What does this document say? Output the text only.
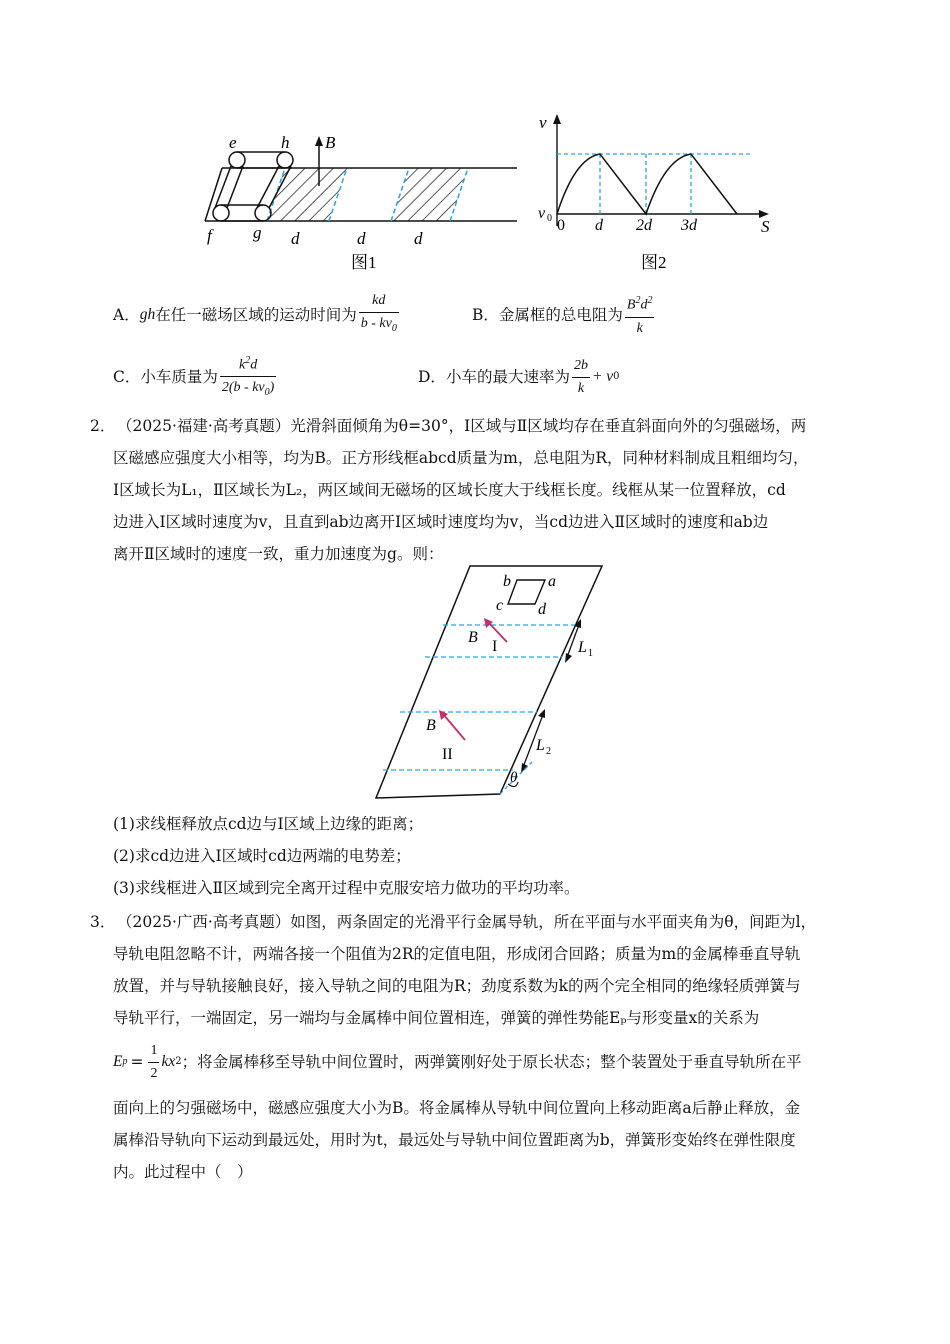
B
e	h
f g d	d	d
v
S
v 0 0 d 2d 3d
图1	图2
A． gh 在任一磁场区域的运动时间为
kd
b - $kv_0$
B． 金属框的总电阻为
$B^2d^2$
k
C． 小车质量为
$k^2d$
$2(b - kv_0)$
D． 小车的最大速率为 $\frac{2b}{k} + v$ 0
2． （2025·福建·高考真题）光滑斜面倾角为θ=30°，Ⅰ区域与Ⅱ区域均存在垂直斜面向外的匀强磁场，两
区磁感应强度大小相等，均为B。正方形线框abcd质量为m，总电阻为R，同种材料制成且粗细均匀，
Ⅰ区域长为L₁，Ⅱ区域长为L₂，两区域间无磁场的区域长度大于线框长度。线框从某一位置释放，cd
边进入Ⅰ区域时速度为v，且直到ab边离开Ⅰ区域时速度均为v，当cd边进入Ⅱ区域时的速度和ab边
离开Ⅱ区域时的速度一致，重力加速度为g。则：
b a
c d
B
B
I
II
L 1
L 2
θ
(1)求线框释放点cd边与Ⅰ区域上边缘的距离；
(2)求cd边进入Ⅰ区域时cd边两端的电势差；
(3)求线框进入Ⅱ区域到完全离开过程中克服安培力做功的平均功率。
3． （2025·广西·高考真题）如图，两条固定的光滑平行金属导轨，所在平面与水平面夹角为θ，间距为l，
导轨电阻忽略不计，两端各接一个阻值为2R的定值电阻，形成闭合回路；质量为m的金属棒垂直导轨
放置，并与导轨接触良好，接入导轨之间的电阻为R；劲度系数为k的两个完全相同的绝缘轻质弹簧与
导轨平行，一端固定，另一端均与金属棒中间位置相连，弹簧的弹性势能Eₚ与形变量x的关系为
E $p = \frac{1}{2}$ kx 2 ；将金属棒移至导轨中间位置时，两弹簧刚好处于原长状态；整个装置处于垂直导轨所在平
面向上的匀强磁场中，磁感应强度大小为B。将金属棒从导轨中间位置向上移动距离a后静止释放，金
属棒沿导轨向下运动到最远处，用时为t，最远处与导轨中间位置距离为b，弹簧形变始终在弹性限度
内。此过程中（　）
